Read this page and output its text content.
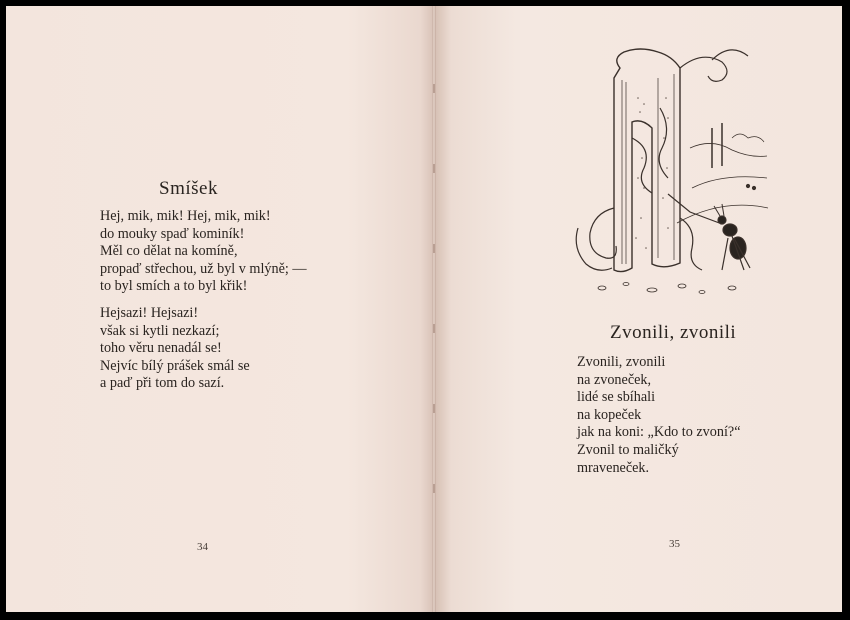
Smíšek
Hej, mik, mik! Hej, mik, mik!
do mouky spaď kominík!
Měl co dělat na komíně,
propaď střechou, už byl v mlýně; —
to byl smích a to byl křik!
Hejsazi! Hejsazi!
však si kytli nezkazí;
toho věru nenadál se!
Nejvíc bílý prášek smál se
a paď při tom do sazí.
34
Zvonili, zvonili
Zvonili, zvonili
na zvoneček,
lidé se sbíhali
na kopeček
jak na koni: „Kdo to zvoní?“
Zvonil to maličký
mraveneček.
35
